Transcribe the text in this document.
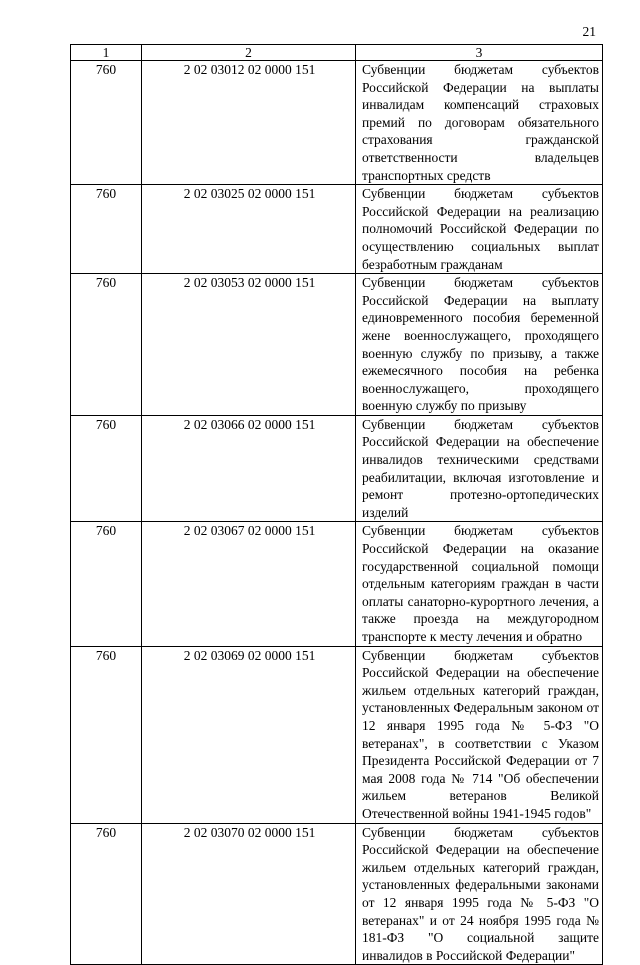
21
1	2	3
760	2 02 03012 02 0000 151	Субвенции бюджетам субъектов Российской Федерации на выплаты инвалидам компенсаций страховых премий по договорам обязательного страхования гражданской ответственности владельцев транспортных средств
760	2 02 03025 02 0000 151	Субвенции бюджетам субъектов Российской Федерации на реализацию полномочий Российской Федерации по осуществлению социальных выплат безработным гражданам
760	2 02 03053 02 0000 151	Субвенции бюджетам субъектов Российской Федерации на выплату единовременного пособия беременной жене военнослужащего, проходящего военную службу по призыву, а также ежемесячного пособия на ребенка военнослужащего, проходящего военную службу по призыву
760	2 02 03066 02 0000 151	Субвенции бюджетам субъектов Российской Федерации на обеспечение инвалидов техническими средствами реабилитации, включая изготовление и ремонт протезно-ортопедических изделий
760	2 02 03067 02 0000 151	Субвенции бюджетам субъектов Российской Федерации на оказание государственной социальной помощи отдельным категориям граждан в части оплаты санаторно-курортного лечения, а также проезда на междугородном транспорте к месту лечения и обратно
760	2 02 03069 02 0000 151	Субвенции бюджетам субъектов Российской Федерации на обеспечение жильем отдельных категорий граждан, установленных Федеральным законом от 12 января 1995 года № 5-ФЗ "О ветеранах", в соответствии с Указом Президента Российской Федерации от 7 мая 2008 года № 714 "Об обеспечении жильем ветеранов Великой Отечественной войны 1941-1945 годов"
760	2 02 03070 02 0000 151	Субвенции бюджетам субъектов Российской Федерации на обеспечение жильем отдельных категорий граждан, установленных федеральными законами от 12 января 1995 года № 5-ФЗ "О ветеранах" и от 24 ноября 1995 года № 181-ФЗ "О социальной защите инвалидов в Российской Федерации"
